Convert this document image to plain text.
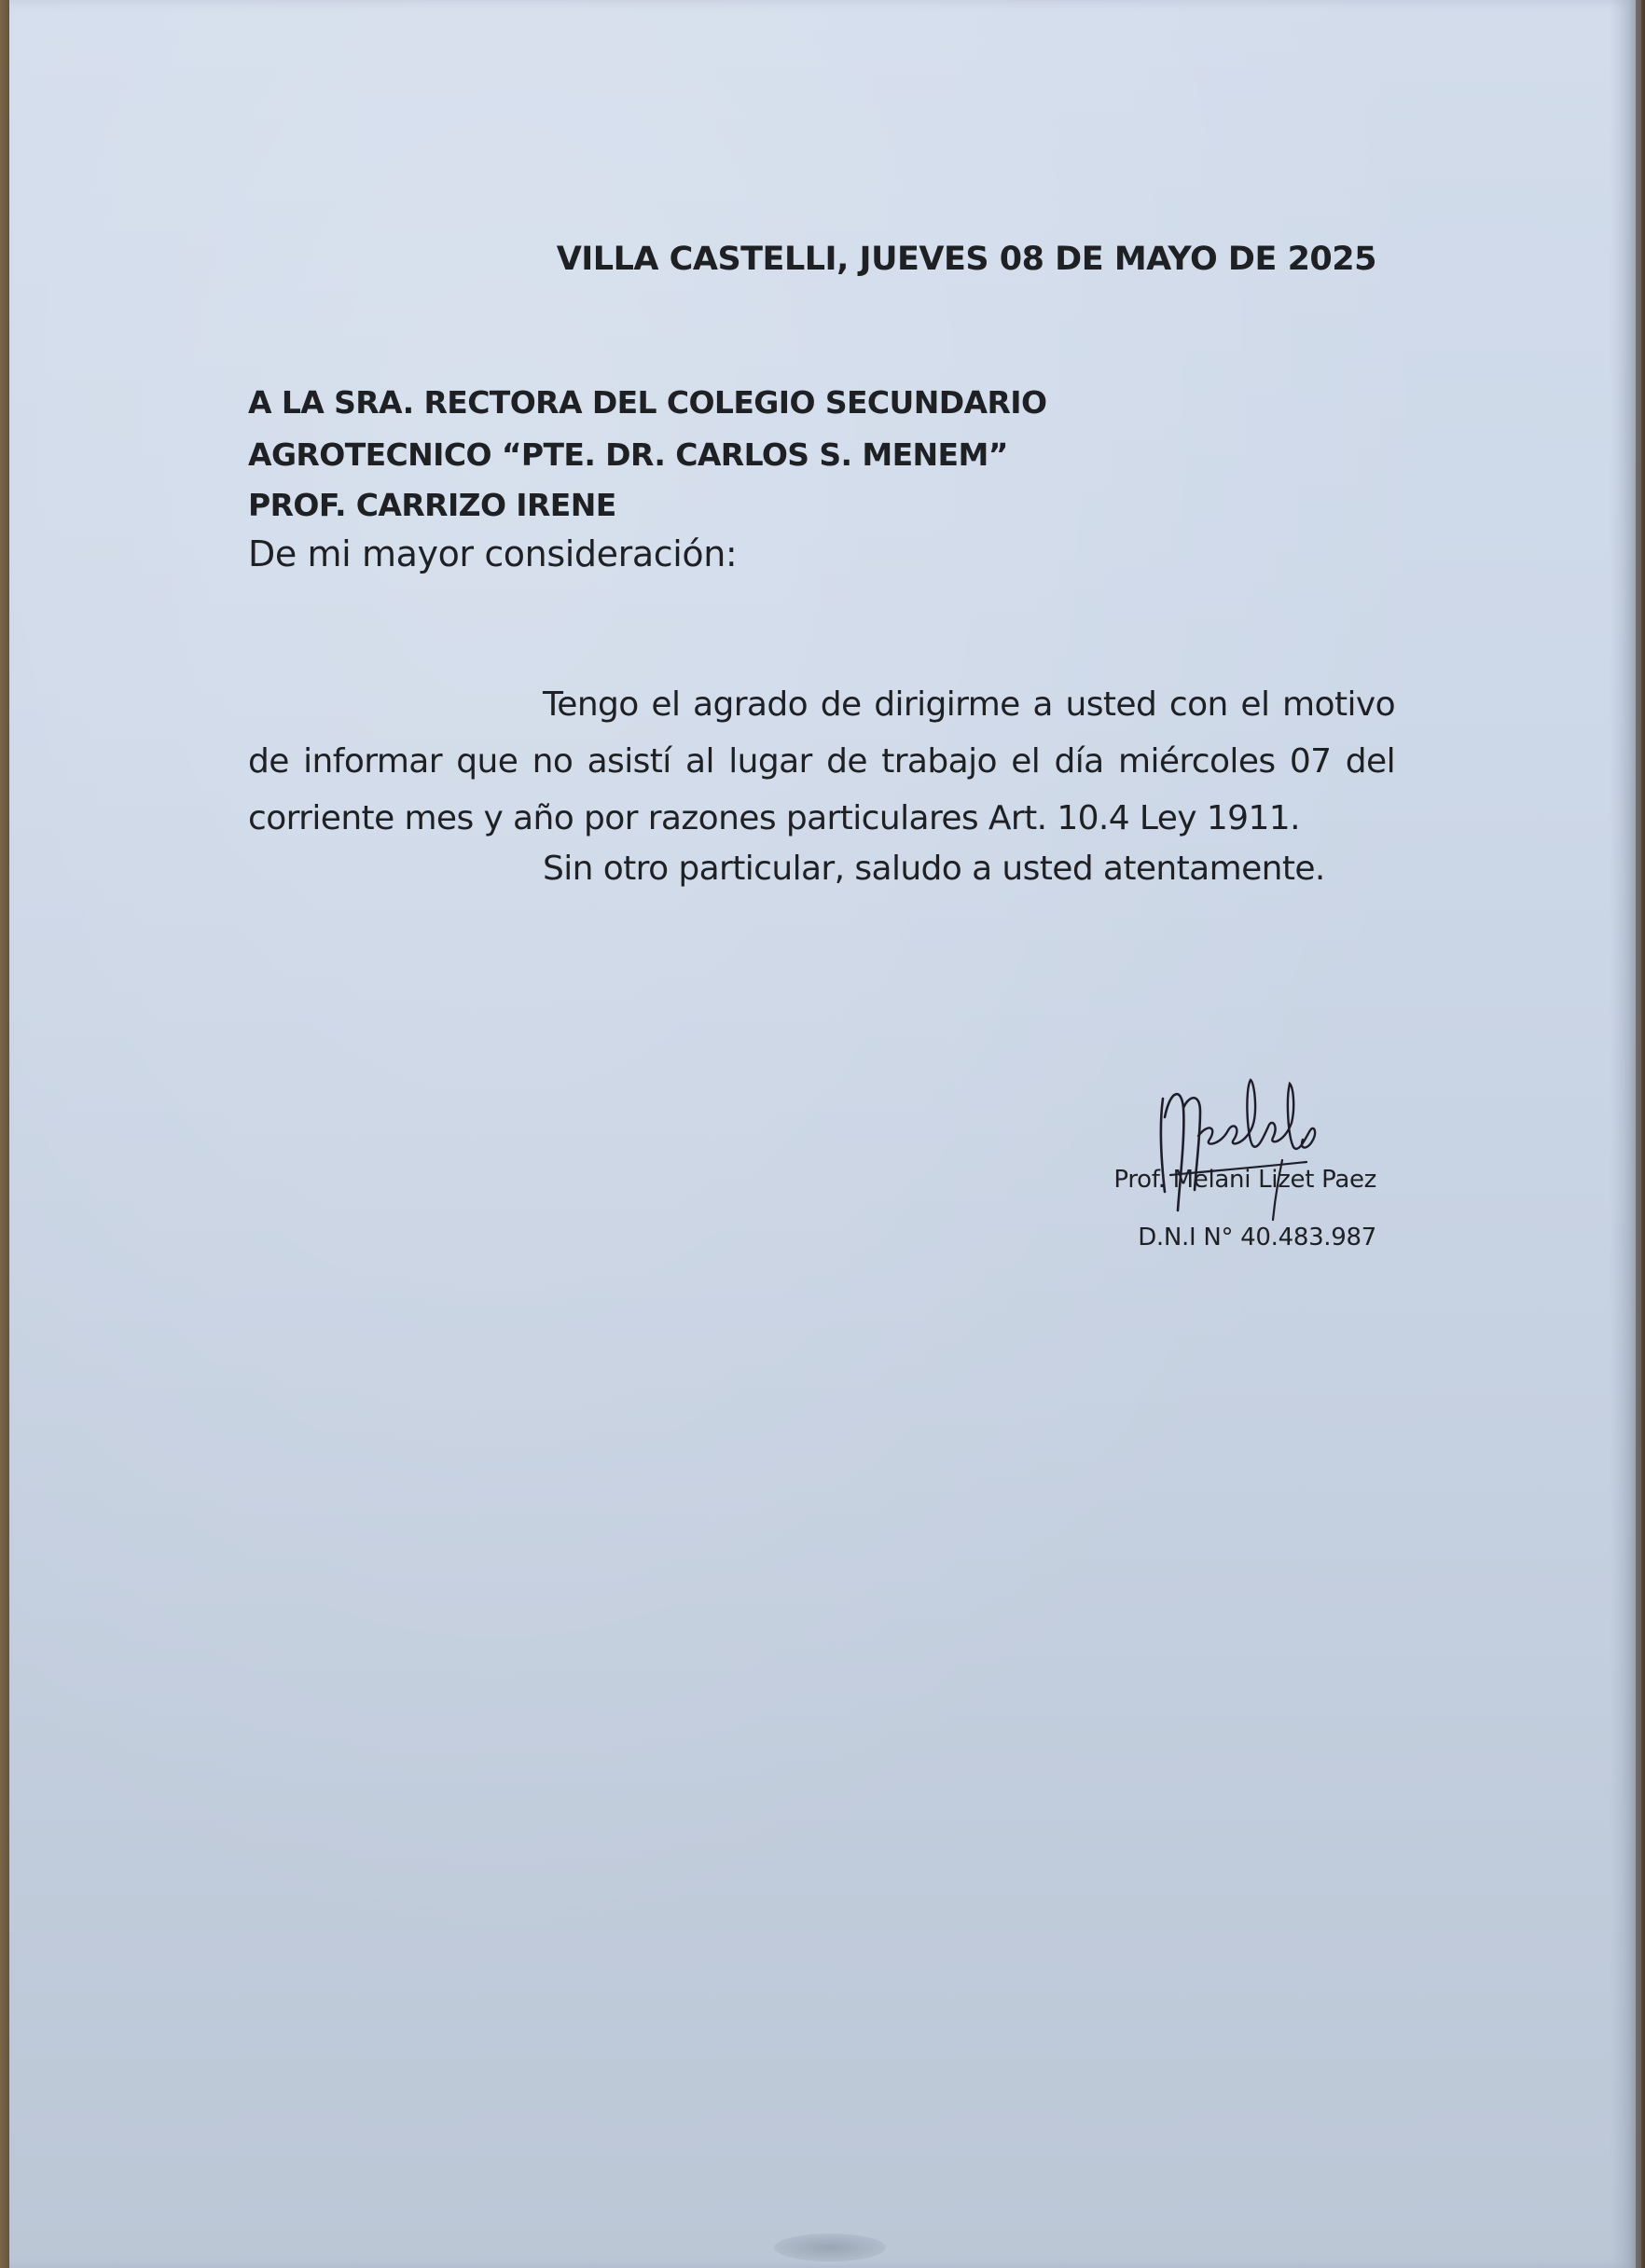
VILLA CASTELLI, JUEVES 08 DE MAYO DE 2025

A LA SRA. RECTORA DEL COLEGIO SECUNDARIO

AGROTECNICO “PTE. DR. CARLOS S. MENEM”

PROF. CARRIZO IRENE

De mi mayor consideración:

Tengo el agrado de dirigirme a usted con el motivo de informar que no asistí al lugar de trabajo el día miércoles 07 del corriente mes y año por razones particulares Art. 10.4 Ley 1911.

Sin otro particular, saludo a usted atentamente.

Prof. Melani Lizet Paez

D.N.I N° 40.483.987
